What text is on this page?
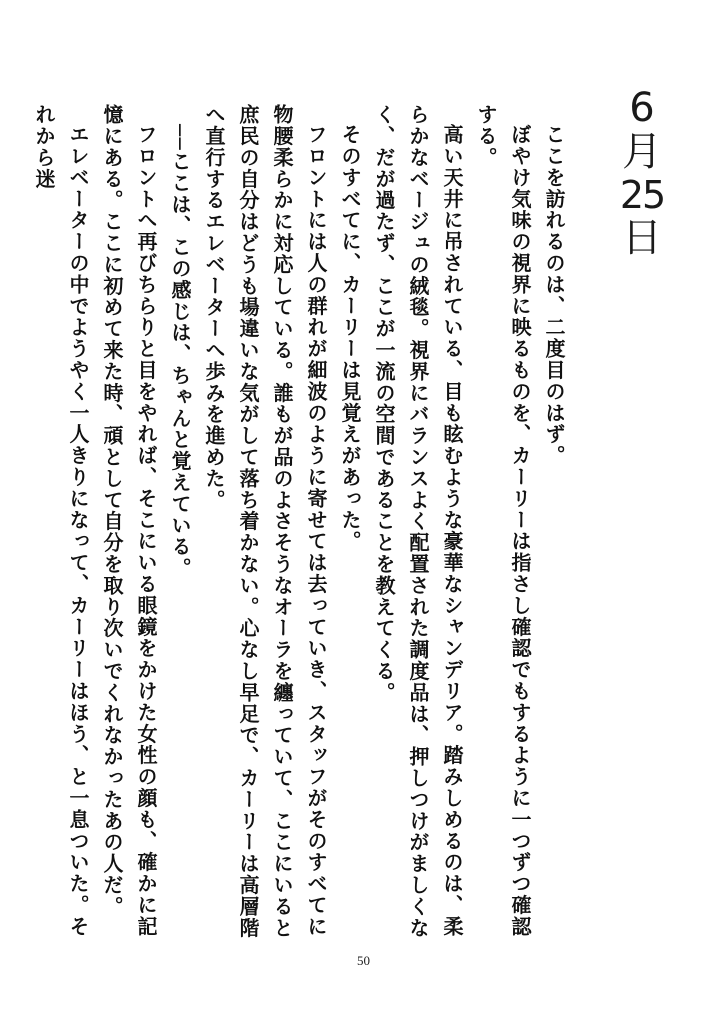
6
月
25
日

ここを訪れるのは、二度目のはず。

ぼやけ気味の視界に映るものを、カーリーは指さし確認でもするように一つずつ確認する。

高い天井に吊されている、目も眩むような豪華なシャンデリア。踏みしめるのは、柔らかなベージュの絨毯。視界にバランスよく配置された調度品は、押しつけがましくなく、だが過たず、ここが一流の空間であることを教えてくる。

そのすべてに、カーリーは見覚えがあった。

フロントには人の群れが細波のように寄せては去っていき、スタッフがそのすべてに物腰柔らかに対応している。誰もが品のよさそうなオーラを纏っていて、ここにいると庶民の自分はどうも場違いな気がして落ち着かない。心なし早足で、カーリーは高層階へ直行するエレベーターへ歩みを進めた。

──ここは、この感じは、ちゃんと覚えている。

フロントへ再びちらりと目をやれば、そこにいる眼鏡をかけた女性の顔も、確かに記憶にある。ここに初めて来た時、頑として自分を取り次いでくれなかったあの人だ。

エレベーターの中でようやく一人きりになって、カーリーはほう、と一息ついた。それから迷

50
